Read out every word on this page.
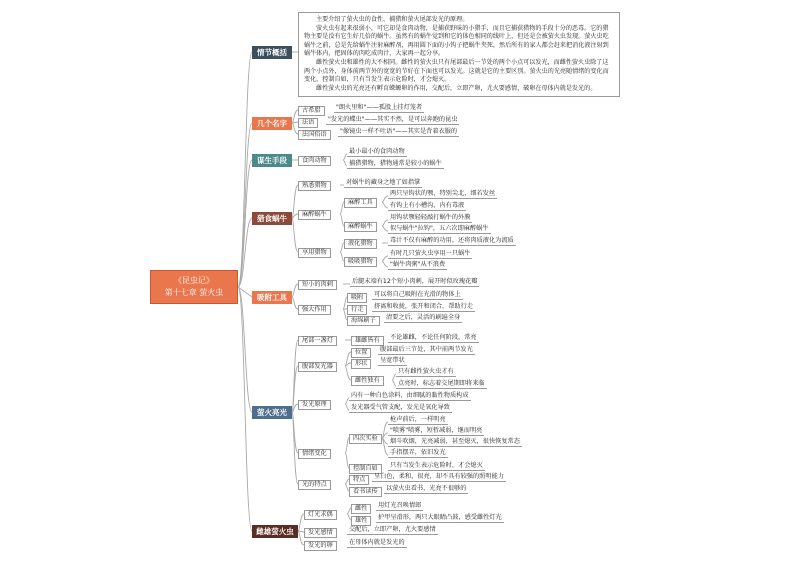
《昆虫记》
第十七章 萤火虫
情节概括
几个名字
谋生手段
猎食蜗牛
吸附工具
萤火亮光
雌雄萤火虫

主要介绍了萤火虫的食性、捕猎和萤火尾部发光的原理。

萤火虫有起来很弱小，可它却是食肉动物，是捕获野味的小猎手，而且它捕获猎物的手段十分的恶毒。它的猎物主要是没有它生好几倍的蜗牛。虽然有的蜗牛觉到和它的体色相同的线叶上，但还是会被萤火虫发现。萤火虫吃蜗牛之前，总是先给蜗牛注射麻醉剂，再用圆下面的小钩子把蜗牛夹死，然后所有的家人都会赶来把消化液注射到蜗牛体内，把固体的肉吃成肉汁，大家再一起分享。

雌性萤火虫和雄性的大不相同。雌性的萤火虫只有尾部最后一节处的两个小点可以发光，而雌性萤火虫除了这两个小点外，身体前两节外的宽宽的节好在下面也可以发光。这就是它的主要区别。萤火虫的光亮随情绪的变化而变化，控制自如，只有当发生表示危险时，才会熄灭。

雌性萤火虫的光亮还有孵育蝾螈卵的作用，交配后，立即产卵，尤火要感情，破卵在母体内就是发光的。

古希腊	"朗火里和"——孤股上挂灯笼者
法语	"发光的蝶虫"——其实不然，是可以奔跑的昆虫
法国俗语	"像镜虫一样不吐语"——其实是背着衣服的
食肉动物
最小最小的食肉动物
捕猎猎物，猎物通常是较小的蜗牛
熟悉猎物	对蜗牛的藏身之地了如指掌
麻醉蜗牛
麻醉工具
两只呈钩状的颚，特别尖北，细若发丝
有钩上有小槽沟，内有毒液
麻醉蜗牛
用钩状颚轻轻敲打蜗牛的外膜
似与蜗牛"拉钩"，五六次即麻醉蜗牛
享用猎物
液化猎物	毒汁不仅有麻醉的功用，还将肉质液化为流质
吸吸猎物
有时几只萤火虫享用一只蜗牛
"蜗牛肉粥"从不浪费
短小的肉刺	后腿末端有12个短小肉刺，展开时似玫瑰花瓣
强大作用
吸附	可以将自己吸附在光滑的物体上
行走	挤离和收拢，张开和闭合，帮助行走
海绵刷子	清要之后，灵活的刷遍全身
尾部一盏灯	雄雌皆有	不论雄雌，不论任何阶段，常亮
腹部发光器
位置	腹部最后三节处，其中前两节发光
形状	呈宽带状
雌性独有
只有雌性萤火虫才有
点亮时，标志着交尾期即将来临
发光原理
内有一种白色涂料，由细腻的黏性物质构成
发光器受气管支配，发光是氧化导致
情绪变化
四次实验
枪声前后，一样明亮
"喷雾"喷雾，短暂减弱，继而明亮
烟斗吹烟，光亮减弱，甚至熄灭，很快恢复常态
手指摆弄，依旧发光
控制自如	只有当发生表示危险时，才会熄灭
光的特点
特点	呈白色，柔和，很亮，却不具有较强的照明能力
看书读传	以萤火虫看书，光亮不很够的
灯光求偶
雌性	用灯光召唤情郎
雄性	护甲呈滑形，两只大眼睛凸鼓，感受雌性灯光
发光感情	交配后，立即产卵，尤火要感情
发光的卵	在母体内就是发光的
